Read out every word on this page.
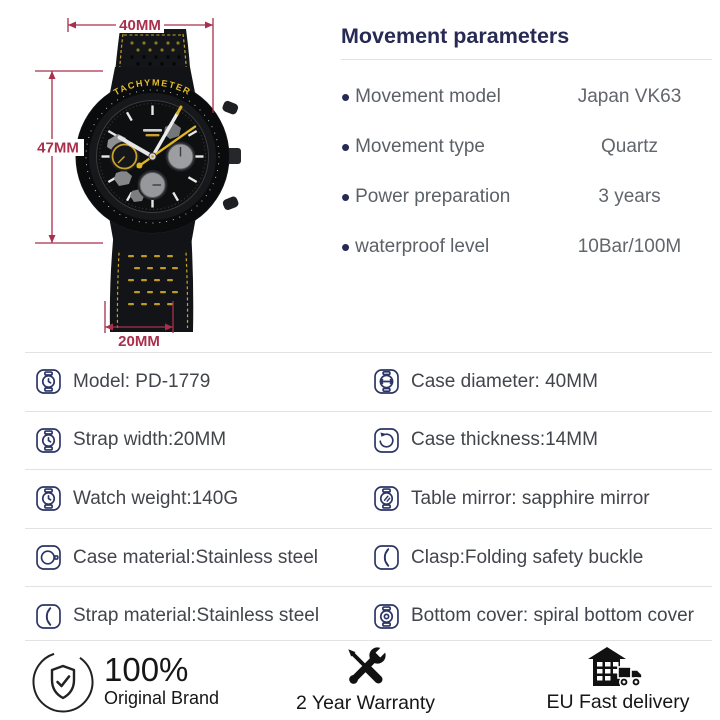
TACHYMETER
40MM
47MM
20MM
Movement parameters
• Movement model	Japan VK63
• Movement type	Quartz
• Power preparation	3 years
• waterproof level	10Bar/100M
Model: PD-1779	Case diameter: 40MM
Strap width:20MM	Case thickness:14MM
Watch weight:140G	Table mirror: sapphire mirror
Case material:Stainless steel	Clasp:Folding safety buckle
Strap material:Stainless steel	Bottom cover: spiral bottom cover
100%
Original Brand	2 Year Warranty	EU Fast delivery
